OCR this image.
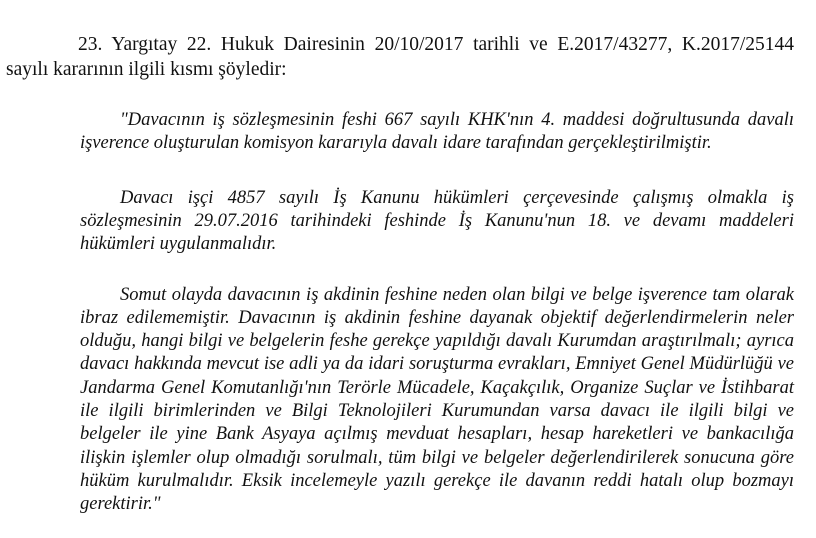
23. Yargıtay 22. Hukuk Dairesinin 20/10/2017 tarihli ve E.2017/43277, K.2017/25144 sayılı kararının ilgili kısmı şöyledir:

"Davacının iş sözleşmesinin feshi 667 sayılı KHK'nın 4. maddesi doğrultusunda davalı işverence oluşturulan komisyon kararıyla davalı idare tarafından gerçekleştirilmiştir.

Davacı işçi 4857 sayılı İş Kanunu hükümleri çerçevesinde çalışmış olmakla iş sözleşmesinin 29.07.2016 tarihindeki feshinde İş Kanunu'nun 18. ve devamı maddeleri hükümleri uygulanmalıdır.

Somut olayda davacının iş akdinin feshine neden olan bilgi ve belge işverence tam olarak ibraz edilememiştir. Davacının iş akdinin feshine dayanak objektif değerlendirmelerin neler olduğu, hangi bilgi ve belgelerin feshe gerekçe yapıldığı davalı Kurumdan araştırılmalı; ayrıca davacı hakkında mevcut ise adli ya da idari soruşturma evrakları, Emniyet Genel Müdürlüğü ve Jandarma Genel Komutanlığı'nın Terörle Mücadele, Kaçakçılık, Organize Suçlar ve İstihbarat ile ilgili birimlerinden ve Bilgi Teknolojileri Kurumundan varsa davacı ile ilgili bilgi ve belgeler ile yine Bank Asyaya açılmış mevduat hesapları, hesap hareketleri ve bankacılığa ilişkin işlemler olup olmadığı sorulmalı, tüm bilgi ve belgeler değerlendirilerek sonucuna göre hüküm kurulmalıdır. Eksik incelemeyle yazılı gerekçe ile davanın reddi hatalı olup bozmayı gerektirir."
